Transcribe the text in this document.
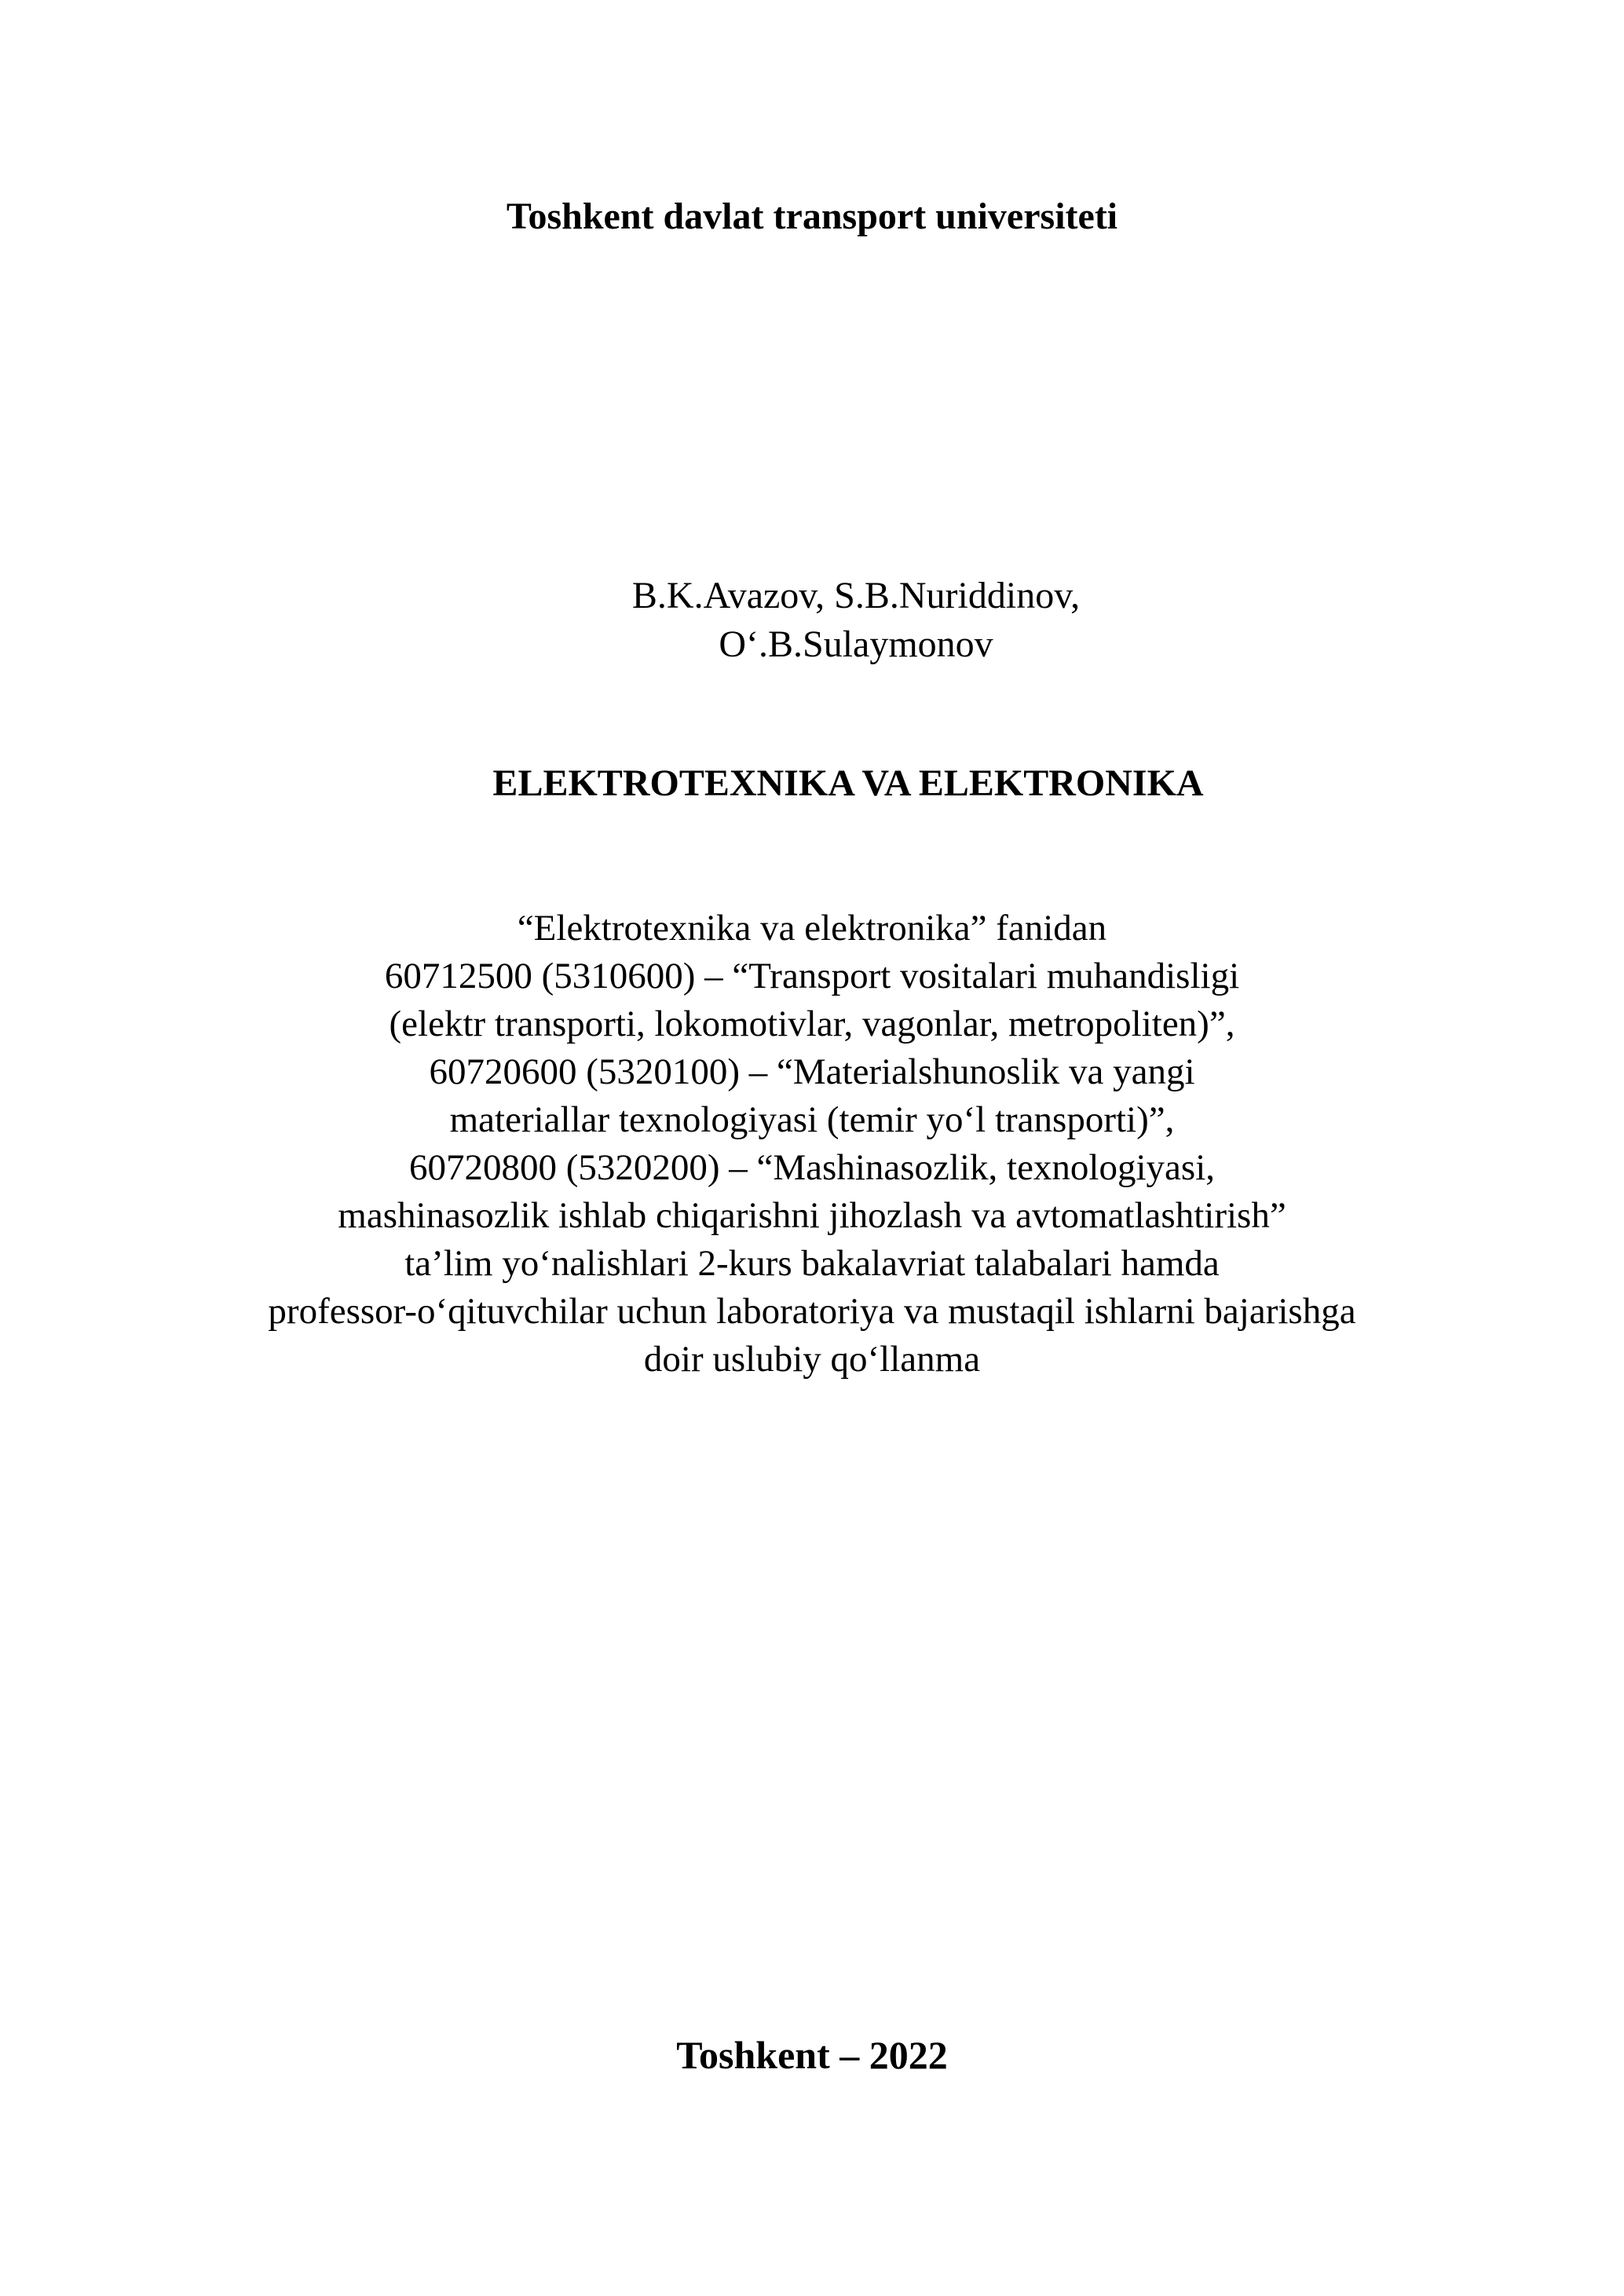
Toshkent davlat transport universiteti
B.K.Avazov, S.B.Nuriddinov,
O‘.B.Sulaymonov
ELEKTROTEXNIKA VA ELEKTRONIKA
“Elektrotexnika va elektronika” fanidan
60712500 (5310600) – “Transport vositalari muhandisligi
(elektr transporti, lokomotivlar, vagonlar, metropoliten)”,
60720600 (5320100) – “Materialshunoslik va yangi
materiallar texnologiyasi (temir yo‘l transporti)”,
60720800 (5320200) – “Mashinasozlik, texnologiyasi,
mashinasozlik ishlab chiqarishni jihozlash va avtomatlashtirish”
ta’lim yo‘nalishlari 2-kurs bakalavriat talabalari hamda
professor-o‘qituvchilar uchun laboratoriya va mustaqil ishlarni bajarishga
doir uslubiy qo‘llanma
Toshkent – 2022
